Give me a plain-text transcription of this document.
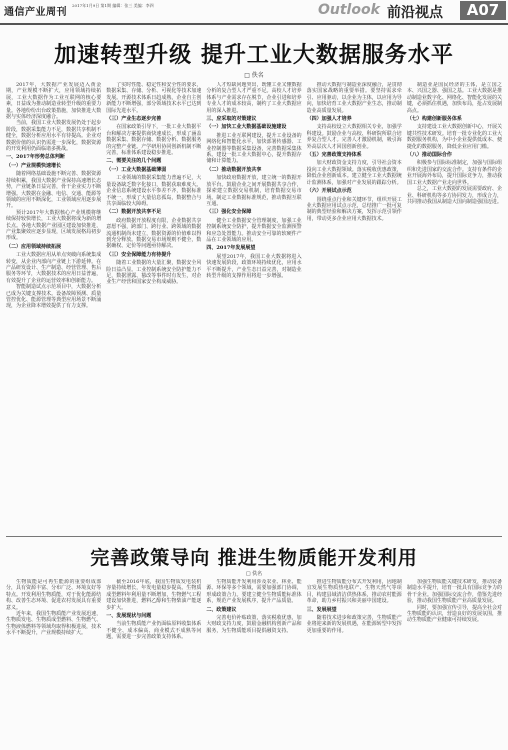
通信产业周刊
2017年1月9日 第1期 编辑：张三 美编：李四	Outlook 前沿视点	A07
加速转型升级 提升工业大数据服务水平
□ 佚名

2017年，大数据产业发展迈入黄金期，产业规模不断扩大，应用领域持续拓展，工业大数据作为工业互联网的核心要素，日益成为推动制造业转型升级的重要力量。各地纷纷出台政策措施，加快推进大数据与实体经济深度融合。

当前，我国工业大数据发展仍处于起步阶段，数据采集能力不足，数据共享机制不健全，数据分析应用水平有待提高。企业对数据价值的认识仍需进一步深化，数据资源的开发利用仍面临诸多挑战。

一、2017年形势总体判断

（一）产业规模快速增长

随着网络基础设施不断完善、数据资源持续积累，我国大数据产业保持高速增长态势，产业链条日益完善，骨干企业实力不断增强。大数据在金融、电信、交通、能源等领域的应用不断深化，工业领域应用逐步展开。

预计2017年大数据核心产业规模将继续保持较快增长，工业大数据将成为新的增长点。各地大数据产业园区建设加快推进，产业集聚效应逐步显现，区域发展格局初步形成。

（二）应用领域持续拓展

工业大数据应用从单点突破向系统集成转变，从企业内部向产业链上下游延伸。在产品研发设计、生产制造、经营管理、售后服务等环节，大数据技术的应用日益普遍，有效提升了企业的运营效率和创新能力。

智能制造试点示范项目中，大数据分析已成为关键支撑技术。设备故障预测、质量管控优化、能源管理等典型应用场景不断涌现，为企业降本增效提供了有力支撑。

了实时性能、稳定性和安全性的要求，数据采集、存储、分析、可视化等技术加速发展。开源技术体系日趋成熟，企业自主创新能力不断增强，部分领域技术水平已达到国际先进水平。

（三）产业生态逐步完善

在国家政策引导下，一批工业大数据平台和解决方案提供商快速成长，形成了涵盖数据采集、数据存储、数据分析、数据服务的完整产业链。产学研用协同创新机制不断完善，标准体系建设稳步推进。

二、需要关注的几个问题

（一）工业大数据基础薄弱

工业领域的数据采集能力普遍不足，大量设备缺乏数字化接口，数据获取难度大。企业信息系统建设水平参差不齐，数据标准不统一，形成了大量信息孤岛，数据整合与共享面临较大障碍。

（二）数据开放共享不足

政府数据开放程度有限，企业数据共享意愿不强，跨部门、跨行业、跨领域的数据流通机制尚未建立，数据资源的价值难以得到充分释放。数据交易市场规则不健全，数据确权、定价等问题亟待解决。

（三）安全保障能力有待提升

随着工业数据的大量汇聚，数据安全风险日益凸显。工业控制系统安全防护能力不足，数据泄露、篡改等事件时有发生，对企业生产经营和国家安全构成威胁。

人才短缺问题突出，既懂工业又懂数据分析的复合型人才严重不足。高校人才培养体系与产业需求存在脱节，企业引进和培养专业人才的成本较高，制约了工业大数据应用的深入推进。

三、应采取的对策建议

（一）加快工业大数据基础设施建设

推进工业互联网建设，提升工业设备的网络化和智能化水平，加快部署传感器、工业控制器等数据采集设备，完善数据采集体系。建设一批工业大数据中心，提升数据存储和计算能力。

（二）推动数据开放共享

加快政府数据开放，建立统一的数据开放平台。鼓励企业之间开展数据共享合作，探索建立数据交易机制，培育数据交易市场。制定工业数据标准规范，推动数据互联互通。

（三）强化安全保障

健全工业数据安全管理制度，加强工业控制系统安全防护，提升数据安全监测预警和应急处置能力。推动安全可靠的软硬件产品在工业领域的应用。

四、2017年发展展望

展望2017年，我国工业大数据将进入快速发展阶段，政策环境持续优化，应用水平不断提升，产业生态日益完善，对制造业转型升级的支撑作用将进一步增强。

推动大数据与制造业深度融合，是贯彻落实国家战略的重要举措。要坚持需求牵引、应用驱动，以企业为主体，以应用为导向，加快培育工业大数据产业生态，推动制造业高质量发展。

（四）加强人才培养

支持高校设立大数据相关专业，加强学科建设。鼓励企业与高校、科研院所联合培养复合型人才。完善人才激励机制，吸引海外高层次人才回国创新创业。

（五）完善政策支持体系

加大财政资金支持力度，引导社会资本投向工业大数据领域。落实税收优惠政策，降低企业创新成本。建立健全工业大数据统计监测体系，加强对产业发展的跟踪分析。

（六）开展试点示范

围绕重点行业和关键环节，组织开展工业大数据应用试点示范，总结推广一批可复制的典型经验和解决方案，发挥示范引领作用，带动更多企业应用大数据技术。

制造业是国民经济的主体，是立国之本、兴国之器、强国之基。工业大数据是推动制造业数字化、网络化、智能化发展的关键，必须抓住机遇，加快布局，抢占发展制高点。

（七）构建创新服务体系

支持建设工业大数据创新中心，开展关键共性技术研发。培育一批专业化的工业大数据服务机构，为中小企业提供低成本、便捷化的数据服务，降低企业应用门槛。

（八）推动国际合作

积极参与国际标准制定，加强与国际组织和先进国家的交流合作。支持有条件的企业开展海外布局，提升国际竞争力，推动我国工业大数据产业走向世界。

总之，工业大数据的发展需要政府、企业、科研机构等多方协同发力，形成合力，共同推动我国从制造大国向制造强国迈进。

完善政策导向 推进生物质能开发利用
□ 佚名

生物质能是可再生能源的重要组成部分，具有资源丰富、分布广泛、环境友好等特点。开发利用生物质能，对于优化能源结构、改善生态环境、促进农村发展具有重要意义。

近年来，我国生物质能产业发展迅速，生物质发电、生物质成型燃料、生物燃气、生物液体燃料等领域均取得积极进展，技术水平不断提升，产业规模持续扩大。

截至2016年底，我国生物质发电装机容量持续增长，年发电量稳步提高。生物质成型燃料年利用量不断增加，生物燃气工程建设加快推进，燃料乙醇和生物柴油产能逐步扩大。

一、发展现状与问题

当前生物质能产业仍面临原料收集体系不健全、成本偏高、商业模式不成熟等问题，需要进一步完善政策支持体系。

生物质能开发利用涉及农业、林业、能源、环保等多个领域，需要加强部门协调，形成政策合力。要建立健全生物质能标准体系，规范产业发展秩序，提升产品质量。

二、政策建议

完善电价补贴政策，落实税收优惠，加大财政支持力度，鼓励金融机构创新产品和服务，为生物质能项目提供融资支持。

推进生物质能分布式开发利用，因地制宜发展生物质热电联产、生物天然气等项目，构建县域清洁供热体系，推动农村能源革命，助力乡村振兴和美丽中国建设。

三、发展展望

随着技术进步和政策完善，生物质能产业将迎来新的发展机遇，在能源转型中发挥更加重要的作用。

加强生物质能关键技术研发，推动装备制造水平提升，培育一批具有国际竞争力的骨干企业。加强国际交流合作，借鉴先进经验，推动我国生物质能产业高质量发展。

同时，要加强宣传引导，提高全社会对生物质能的认识，营造良好的发展氛围，推动生物质能产业健康可持续发展。
